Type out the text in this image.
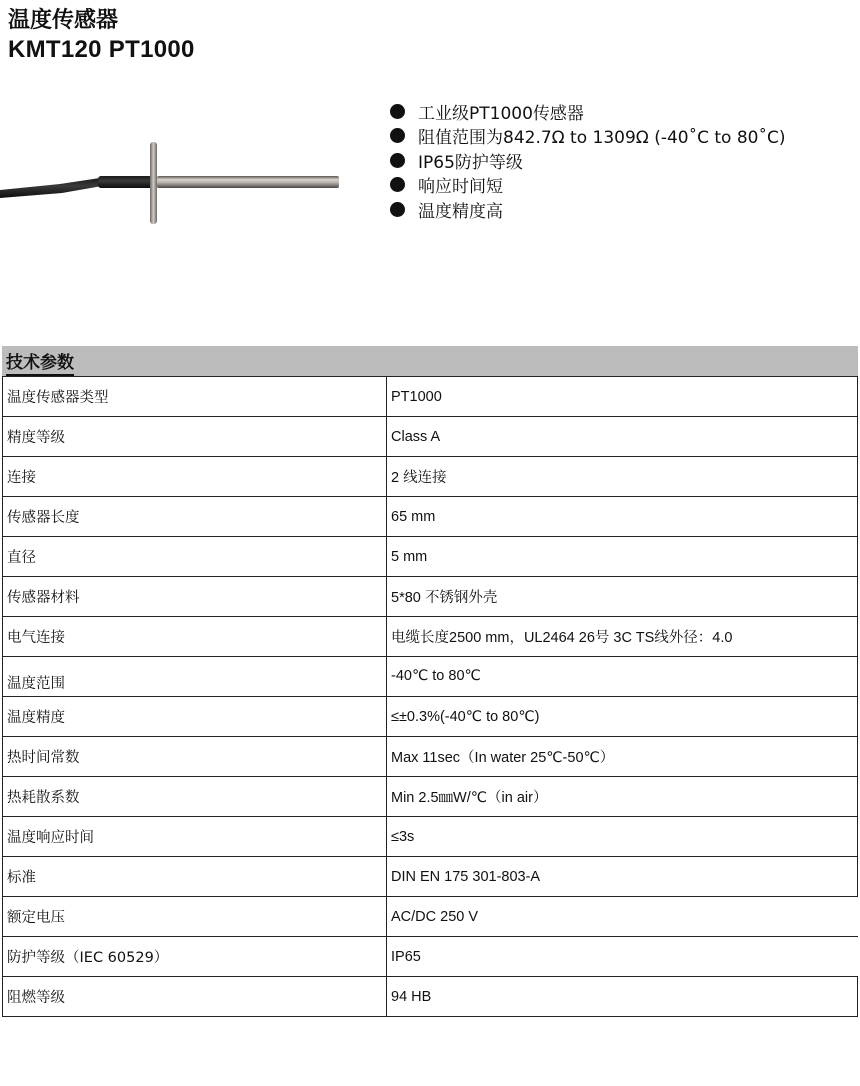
温度传感器
KMT120 PT1000
工业级PT1000传感器
阻值范围为842.7Ω to 1309Ω (-40˚C to 80˚C)
IP65防护等级
响应时间短
温度精度高
技术参数
温度传感器类型	PT1000
精度等级	Class A
连接	2 线连接
传感器长度	65 mm
直径	5 mm
传感器材料	5*80 不锈钢外壳
电气连接	电缆长度2500 mm，UL2464 26号 3C TS线外径：4.0
温度范围	-40℃ to 80℃
温度精度	≤±0.3%(-40℃ to 80℃)
热时间常数	Max 11sec（In water 25℃-50℃）
热耗散系数	Min 2.5㎜W/℃（in air）
温度响应时间	≤3s
标准	DIN EN 175 301-803-A
额定电压	AC/DC 250 V
防护等级（IEC 60529）	IP65
阻燃等级	94 HB
